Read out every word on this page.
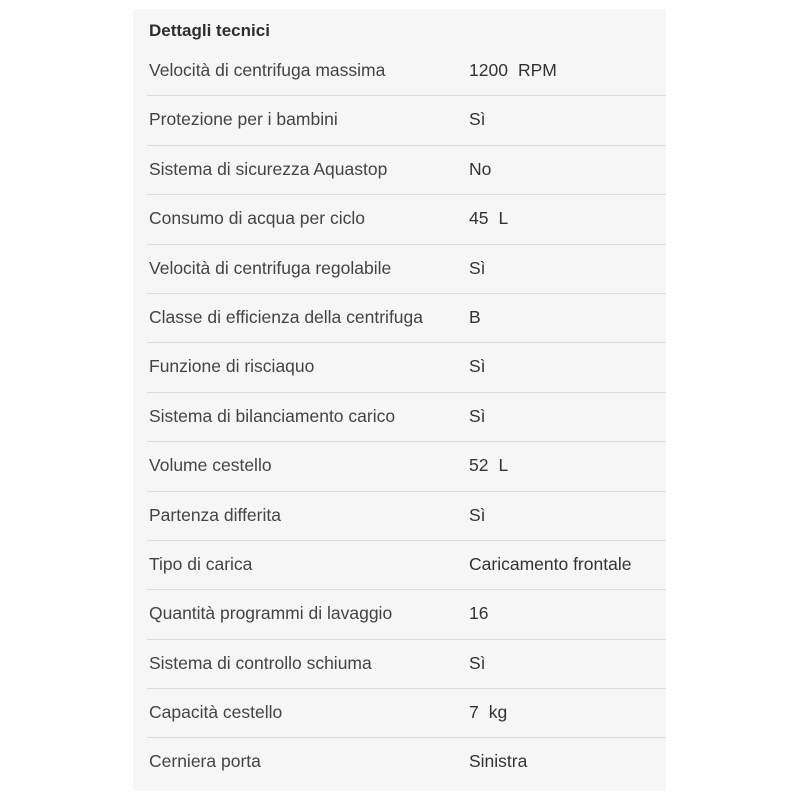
Dettagli tecnici
Velocità di centrifuga massima	1200 RPM
Protezione per i bambini	Sì
Sistema di sicurezza Aquastop	No
Consumo di acqua per ciclo	45 L
Velocità di centrifuga regolabile	Sì
Classe di efficienza della centrifuga	B
Funzione di risciaquo	Sì
Sistema di bilanciamento carico	Sì
Volume cestello	52 L
Partenza differita	Sì
Tipo di carica	Caricamento frontale
Quantità programmi di lavaggio	16
Sistema di controllo schiuma	Sì
Capacità cestello	7 kg
Cerniera porta	Sinistra
